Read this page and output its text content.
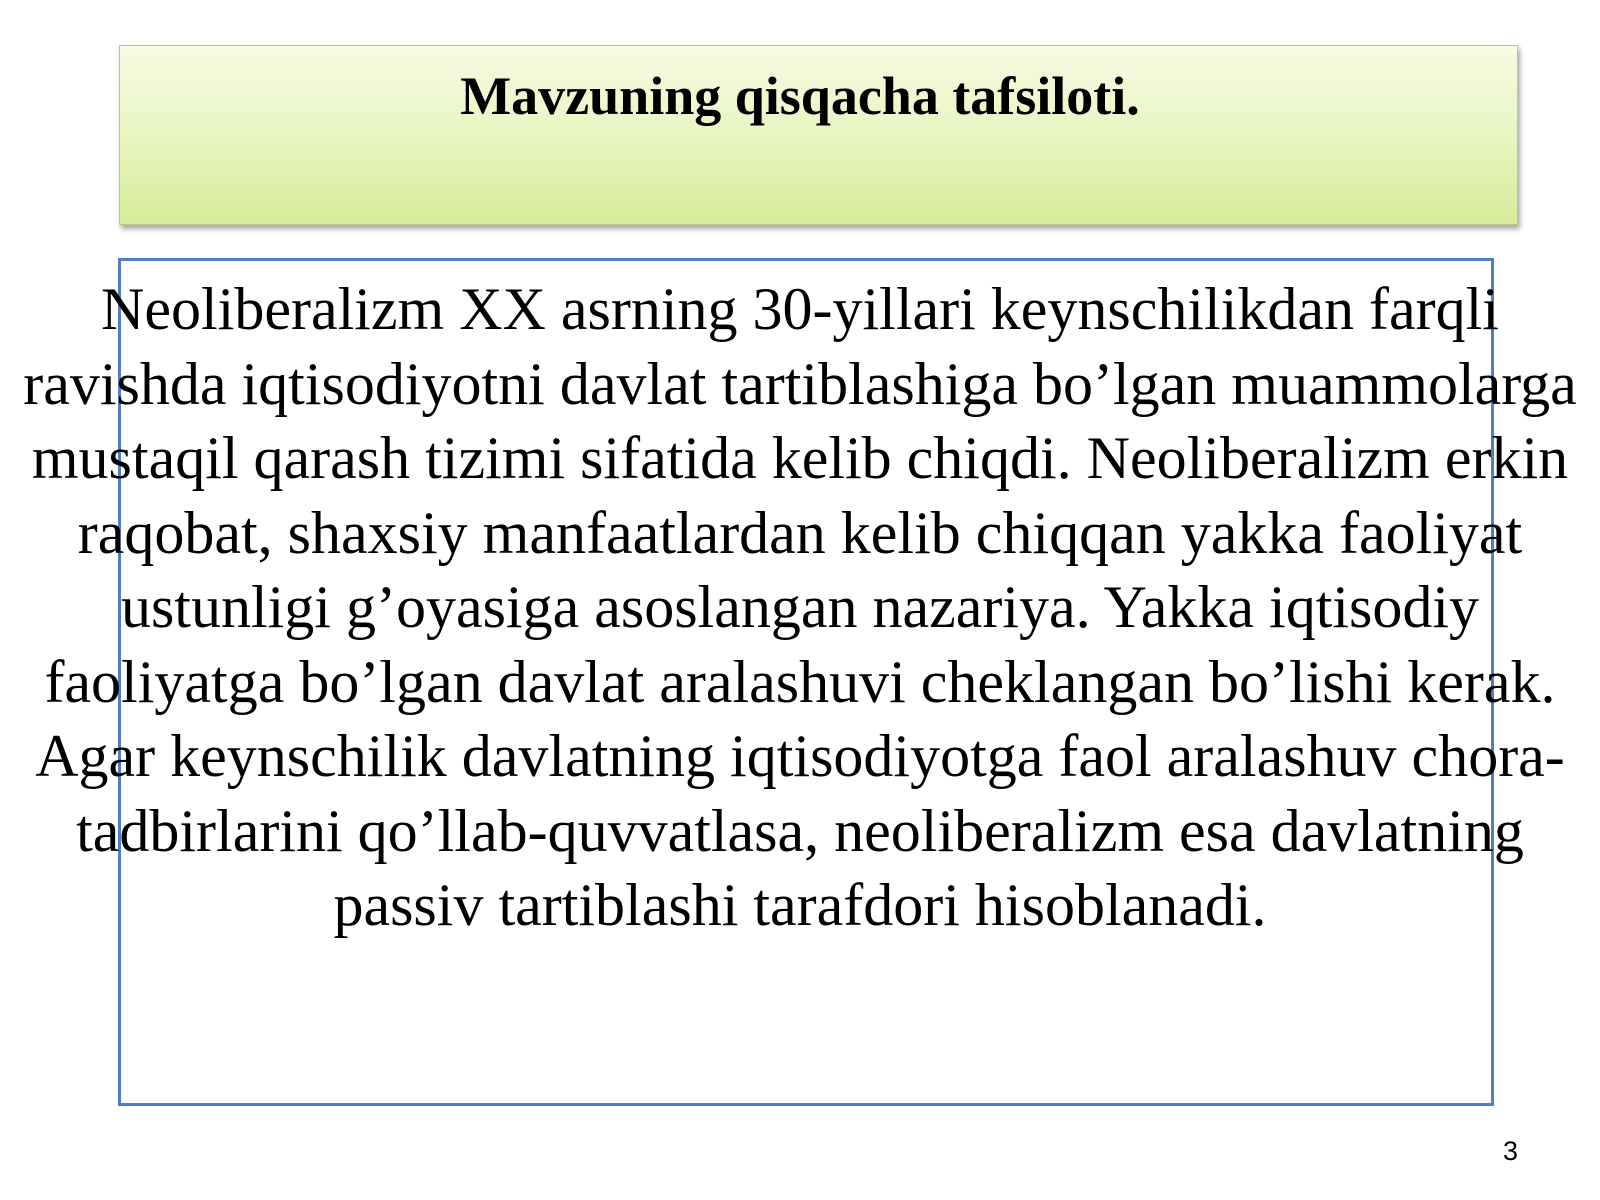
Mavzuning qisqacha tafsiloti.

Neoliberalizm XX asrning 30-yillari keynschilikdan farqli ravishda iqtisodiyotni davlat tartiblashiga bo’lgan muammolarga mustaqil qarash tizimi sifatida kelib chiqdi. Neoliberalizm erkin raqobat, shaxsiy manfaatlardan kelib chiqqan yakka faoliyat ustunligi g’oyasiga asoslangan nazariya. Yakka iqtisodiy faoliyatga bo’lgan davlat aralashuvi cheklangan bo’lishi kerak. Agar keynschilik davlatning iqtisodiyotga faol aralashuv chora-tadbirlarini qo’llab-quvvatlasa, neoliberalizm esa davlatning passiv tartiblashi tarafdori hisoblanadi.

3
